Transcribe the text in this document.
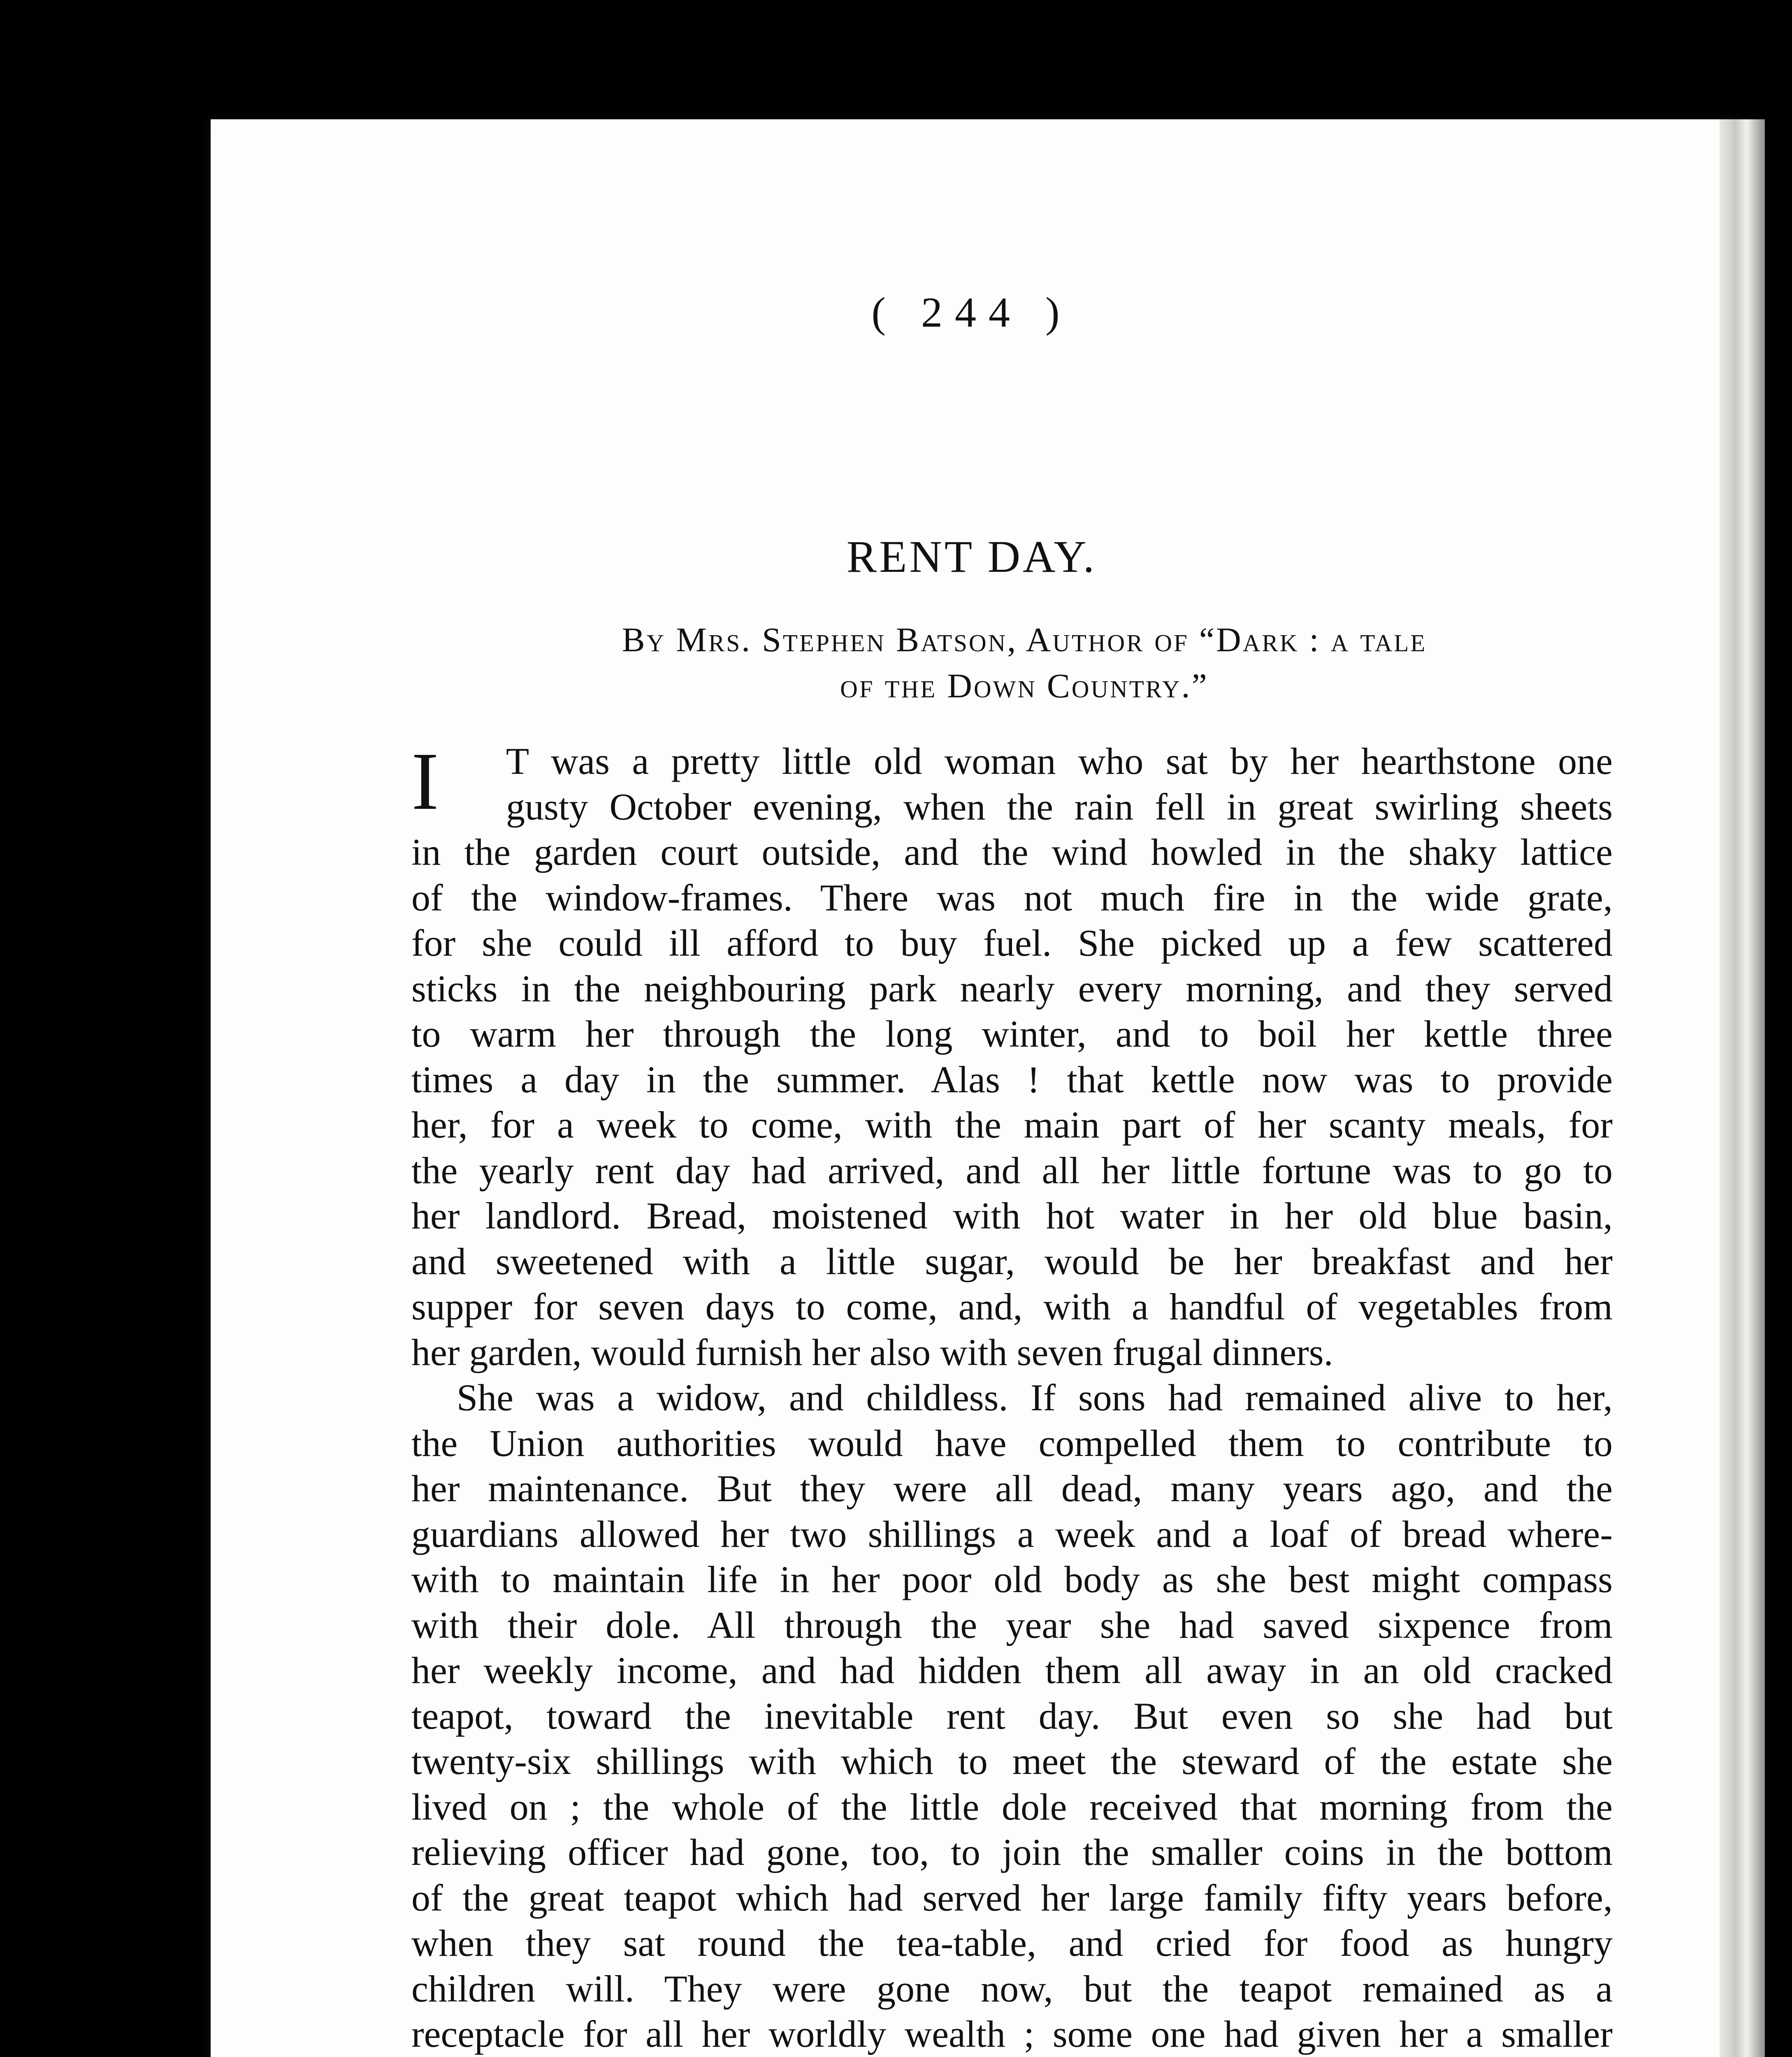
( 244 )
RENT DAY.
By Mrs. Stephen Batson, Author of “Dark : a tale
of the Down Country.”
I	T was a pretty little old woman who sat by her hearthstone one
gusty October evening, when the rain fell in great swirling sheets
in the garden court outside, and the wind howled in the shaky lattice
of the window-frames. There was not much fire in the wide grate,
for she could ill afford to buy fuel. She picked up a few scattered
sticks in the neighbouring park nearly every morning, and they served
to warm her through the long winter, and to boil her kettle three
times a day in the summer. Alas ! that kettle now was to provide
her, for a week to come, with the main part of her scanty meals, for
the yearly rent day had arrived, and all her little fortune was to go to
her landlord. Bread, moistened with hot water in her old blue basin,
and sweetened with a little sugar, would be her breakfast and her
supper for seven days to come, and, with a handful of vegetables from
her garden, would furnish her also with seven frugal dinners.
She was a widow, and childless. If sons had remained alive to her,
the Union authorities would have compelled them to contribute to
her maintenance. But they were all dead, many years ago, and the
guardians allowed her two shillings a week and a loaf of bread where-
with to maintain life in her poor old body as she best might compass
with their dole. All through the year she had saved sixpence from
her weekly income, and had hidden them all away in an old cracked
teapot, toward the inevitable rent day. But even so she had but
twenty-six shillings with which to meet the steward of the estate she
lived on ; the whole of the little dole received that morning from the
relieving officer had gone, too, to join the smaller coins in the bottom
of the great teapot which had served her large family fifty years before,
when they sat round the tea-table, and cried for food as hungry
children will. They were gone now, but the teapot remained as a
receptacle for all her worldly wealth ; some one had given her a smaller
